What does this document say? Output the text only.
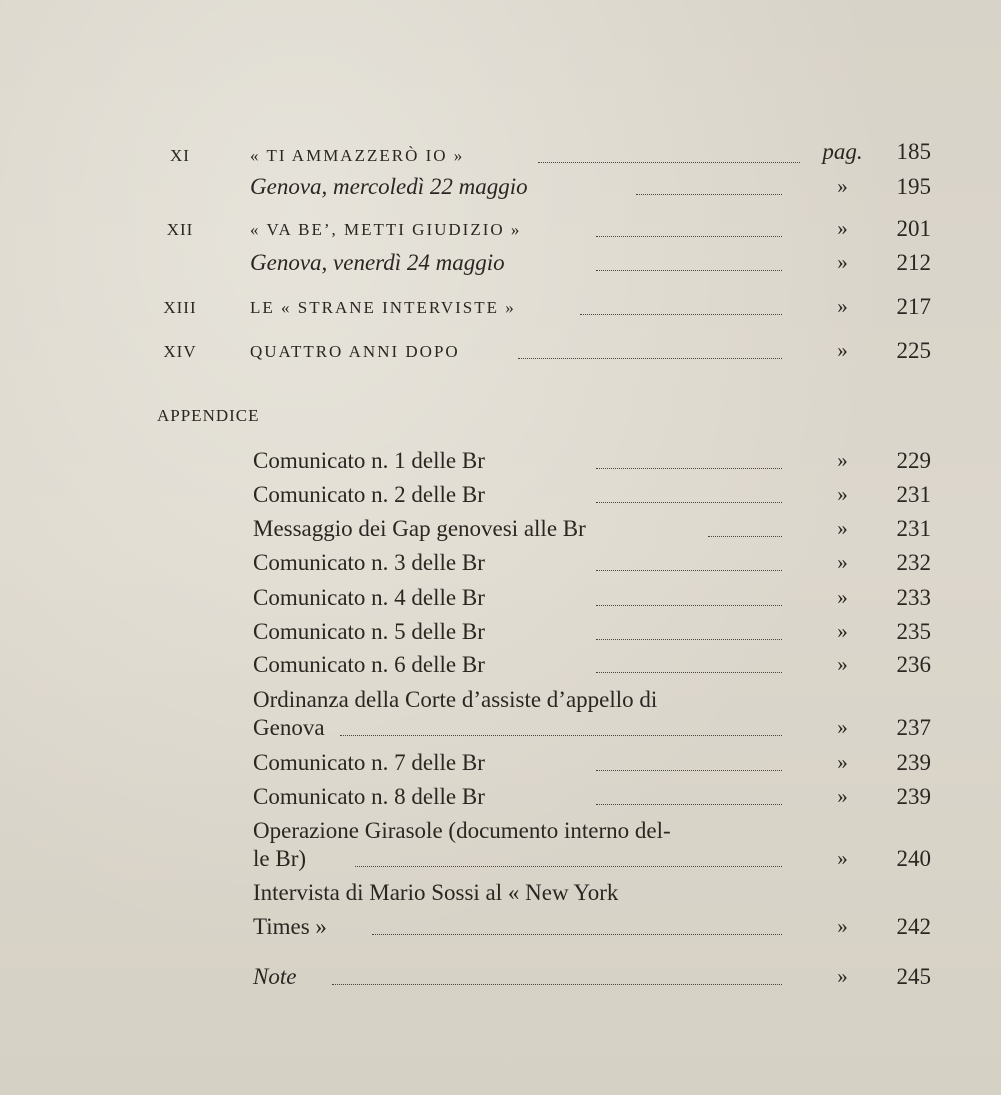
XI	« TI AMMAZZERÒ IO »	pag.	185
Genova, mercoledì 22 maggio	»	195
XII	« VA BE’, METTI GIUDIZIO »	»	201
Genova, venerdì 24 maggio	»	212
XIII	LE « STRANE INTERVISTE »	»	217
XIV	QUATTRO ANNI DOPO	»	225
APPENDICE
Comunicato n. 1 delle Br	»	229
Comunicato n. 2 delle Br	»	231
Messaggio dei Gap genovesi alle Br	»	231
Comunicato n. 3 delle Br	»	232
Comunicato n. 4 delle Br	»	233
Comunicato n. 5 delle Br	»	235
Comunicato n. 6 delle Br	»	236
Ordinanza della Corte d’assiste d’appello di
Genova	»	237
Comunicato n. 7 delle Br	»	239
Comunicato n. 8 delle Br	»	239
Operazione Girasole (documento interno del-
le Br)	»	240
Intervista di Mario Sossi al « New York
Times »	»	242
Note	»	245
